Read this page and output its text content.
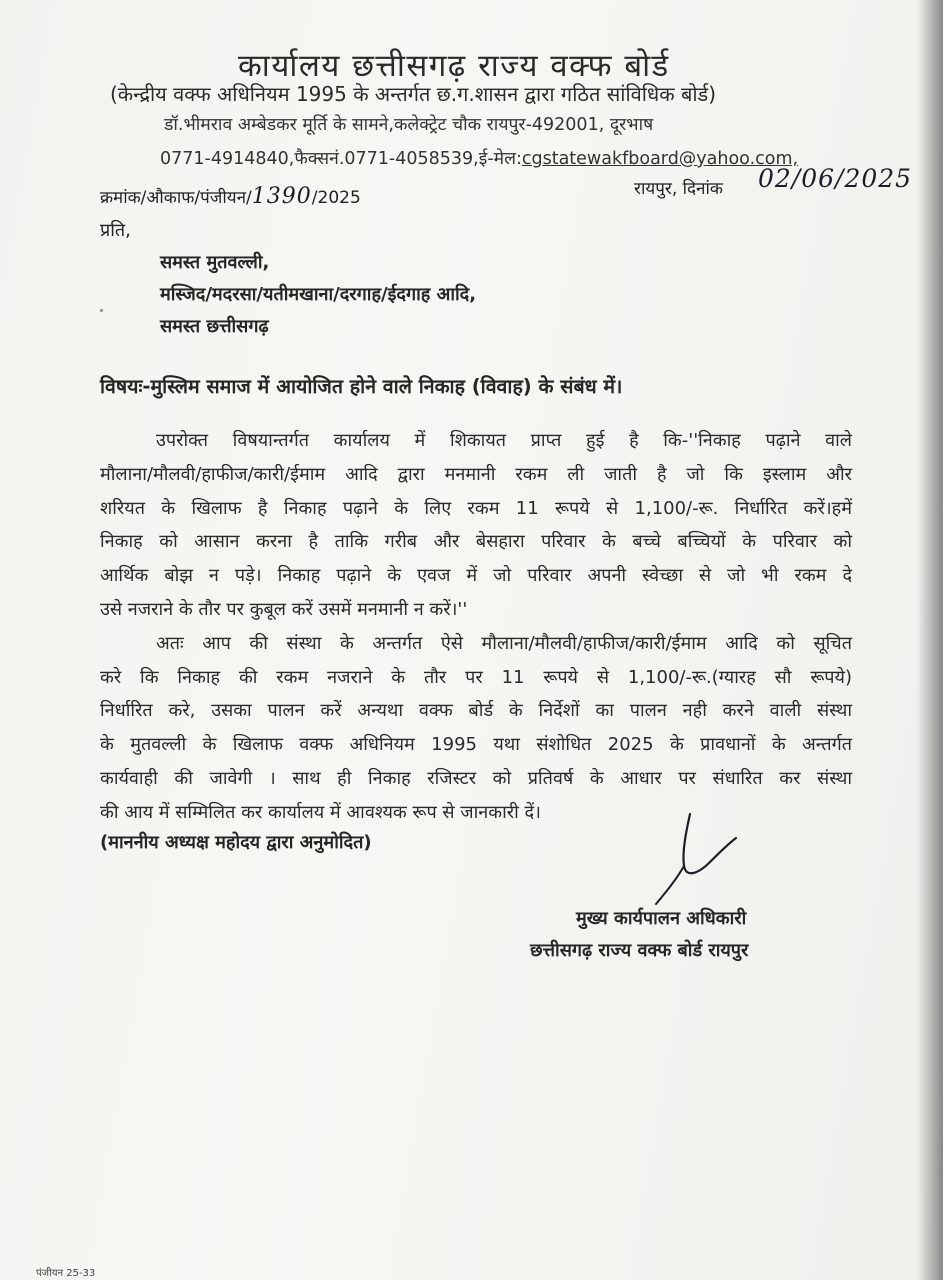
कार्यालय छत्तीसगढ़ राज्य वक्फ बोर्ड
(केन्द्रीय वक्फ अधिनियम 1995 के अन्तर्गत छ.ग.शासन द्वारा गठित सांविधिक बोर्ड)
डॉ.भीमराव अम्बेडकर मूर्ति के सामने,कलेक्ट्रेट चौक रायपुर-492001, दूरभाष
0771-4914840,फैक्सनं.0771-4058539,ई-मेल:cgstatewakfboard@yahoo.com,
क्रमांक/औकाफ/पंजीयन/1390/2025	रायपुर, दिनांक 02/06/2025
प्रति,
समस्त मुतवल्ली,
मस्जिद/मदरसा/यतीमखाना/दरगाह/ईदगाह आदि,
समस्त छत्तीसगढ़
विषयः-मुस्लिम समाज में आयोजित होने वाले निकाह (विवाह) के संबंध में।
उपरोक्त विषयान्तर्गत कार्यालय में शिकायत प्राप्त हुई है कि-''निकाह पढ़ाने वाले
मौलाना/मौलवी/हाफीज/कारी/ईमाम आदि द्वारा मनमानी रकम ली जाती है जो कि इस्लाम और
शरियत के खिलाफ है निकाह पढ़ाने के लिए रकम 11 रूपये से 1,100/-रू. निर्धारित करें।हमें
निकाह को आसान करना है ताकि गरीब और बेसहारा परिवार के बच्चे बच्चियों के परिवार को
आर्थिक बोझ न पड़े। निकाह पढ़ाने के एवज में जो परिवार अपनी स्वेच्छा से जो भी रकम दे
उसे नजराने के तौर पर कुबूल करें उसमें मनमानी न करें।''
अतः आप की संस्था के अन्तर्गत ऐसे मौलाना/मौलवी/हाफीज/कारी/ईमाम आदि को सूचित
करे कि निकाह की रकम नजराने के तौर पर 11 रूपये से 1,100/-रू.(ग्यारह सौ रूपये)
निर्धारित करे, उसका पालन करें अन्यथा वक्फ बोर्ड के निर्देशों का पालन नही करने वाली संस्था
के मुतवल्ली के खिलाफ वक्फ अधिनियम 1995 यथा संशोधित 2025 के प्रावधानों के अन्तर्गत
कार्यवाही की जावेगी । साथ ही निकाह रजिस्टर को प्रतिवर्ष के आधार पर संधारित कर संस्था
की आय में सम्मिलित कर कार्यालय में आवश्यक रूप से जानकारी दें।
(माननीय अध्यक्ष महोदय द्वारा अनुमोदित)
मुख्य कार्यपालन अधिकारी
छत्तीसगढ़ राज्य वक्फ बोर्ड रायपुर
पंजीयन 25-33
